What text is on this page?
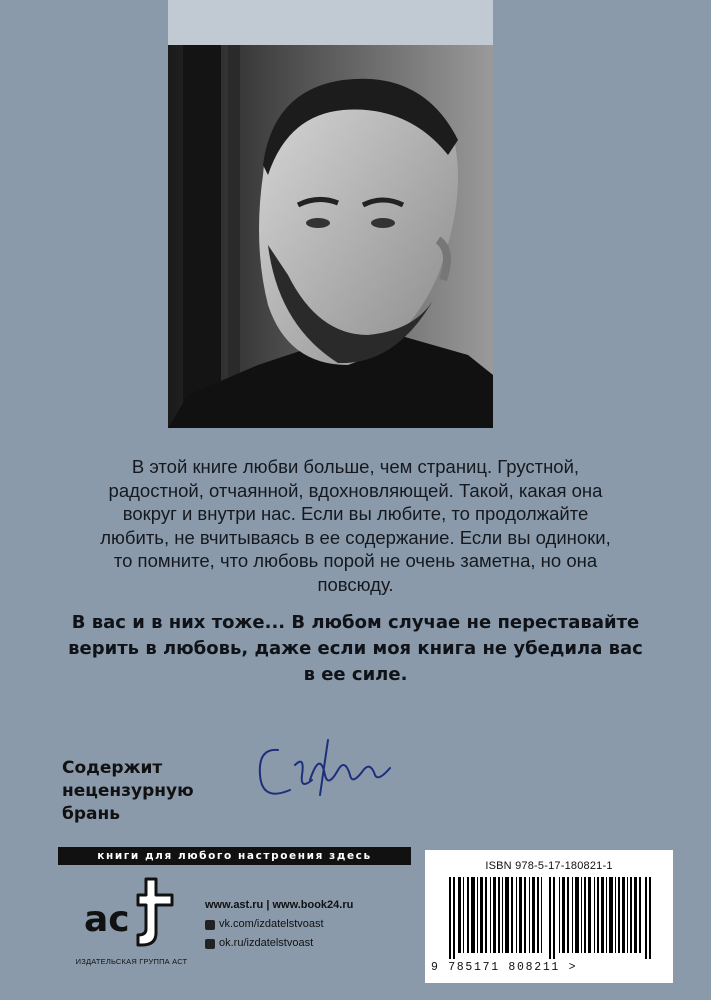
В этой книге любви больше, чем страниц. Грустной,

радостной, отчаянной, вдохновляющей. Такой, какая она

вокруг и внутри нас. Если вы любите, то продолжайте

любить, не вчитываясь в ее содержание. Если вы одиноки,

то помните, что любовь порой не очень заметна, но она

повсюду.

В вас и в них тоже... В любом случае не переставайте
верить в любовь, даже если моя книга не убедила вас
в ее силе.
Содержит
нецензурную
брань
книги для любого настроения здесь
ас
ИЗДАТЕЛЬСКАЯ ГРУППА АСТ
www.ast.ru | www.book24.ru
vk.com/izdatelstvoast
ok.ru/izdatelstvoast
ISBN 978-5-17-180821-1
9 785171 808211 >
